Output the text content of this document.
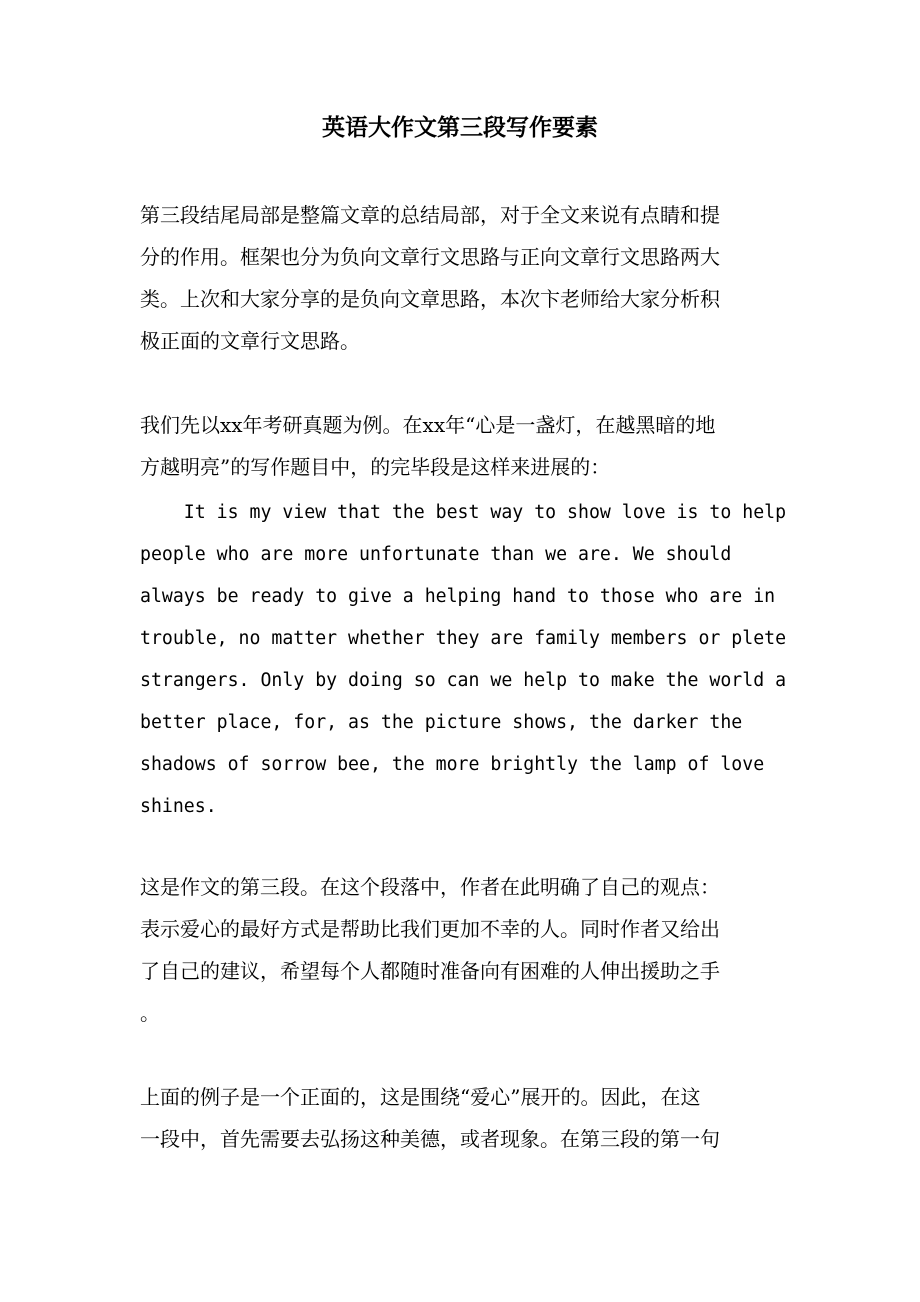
英语大作文第三段写作要素
第三段结尾局部是整篇文章的总结局部，对于全文来说有点睛和提
分的作用。框架也分为负向文章行文思路与正向文章行文思路两大
类。上次和大家分享的是负向文章思路，本次卞老师给大家分析积
极正面的文章行文思路。
我们先以xx年考研真题为例。在xx年“心是一盏灯，在越黑暗的地
方越明亮”的写作题目中，的完毕段是这样来进展的：
It is my view that the best way to show love is to help
people who are more unfortunate than we are. We should
always be ready to give a helping hand to those who are in
trouble, no matter whether they are family members or plete
strangers. Only by doing so can we help to make the world a
better place, for, as the picture shows, the darker the
shadows of sorrow bee, the more brightly the lamp of love
shines.
这是作文的第三段。在这个段落中，作者在此明确了自己的观点：
表示爱心的最好方式是帮助比我们更加不幸的人。同时作者又给出
了自己的建议，希望每个人都随时准备向有困难的人伸出援助之手
。
上面的例子是一个正面的，这是围绕“爱心”展开的。因此，在这
一段中，首先需要去弘扬这种美德，或者现象。在第三段的第一句
